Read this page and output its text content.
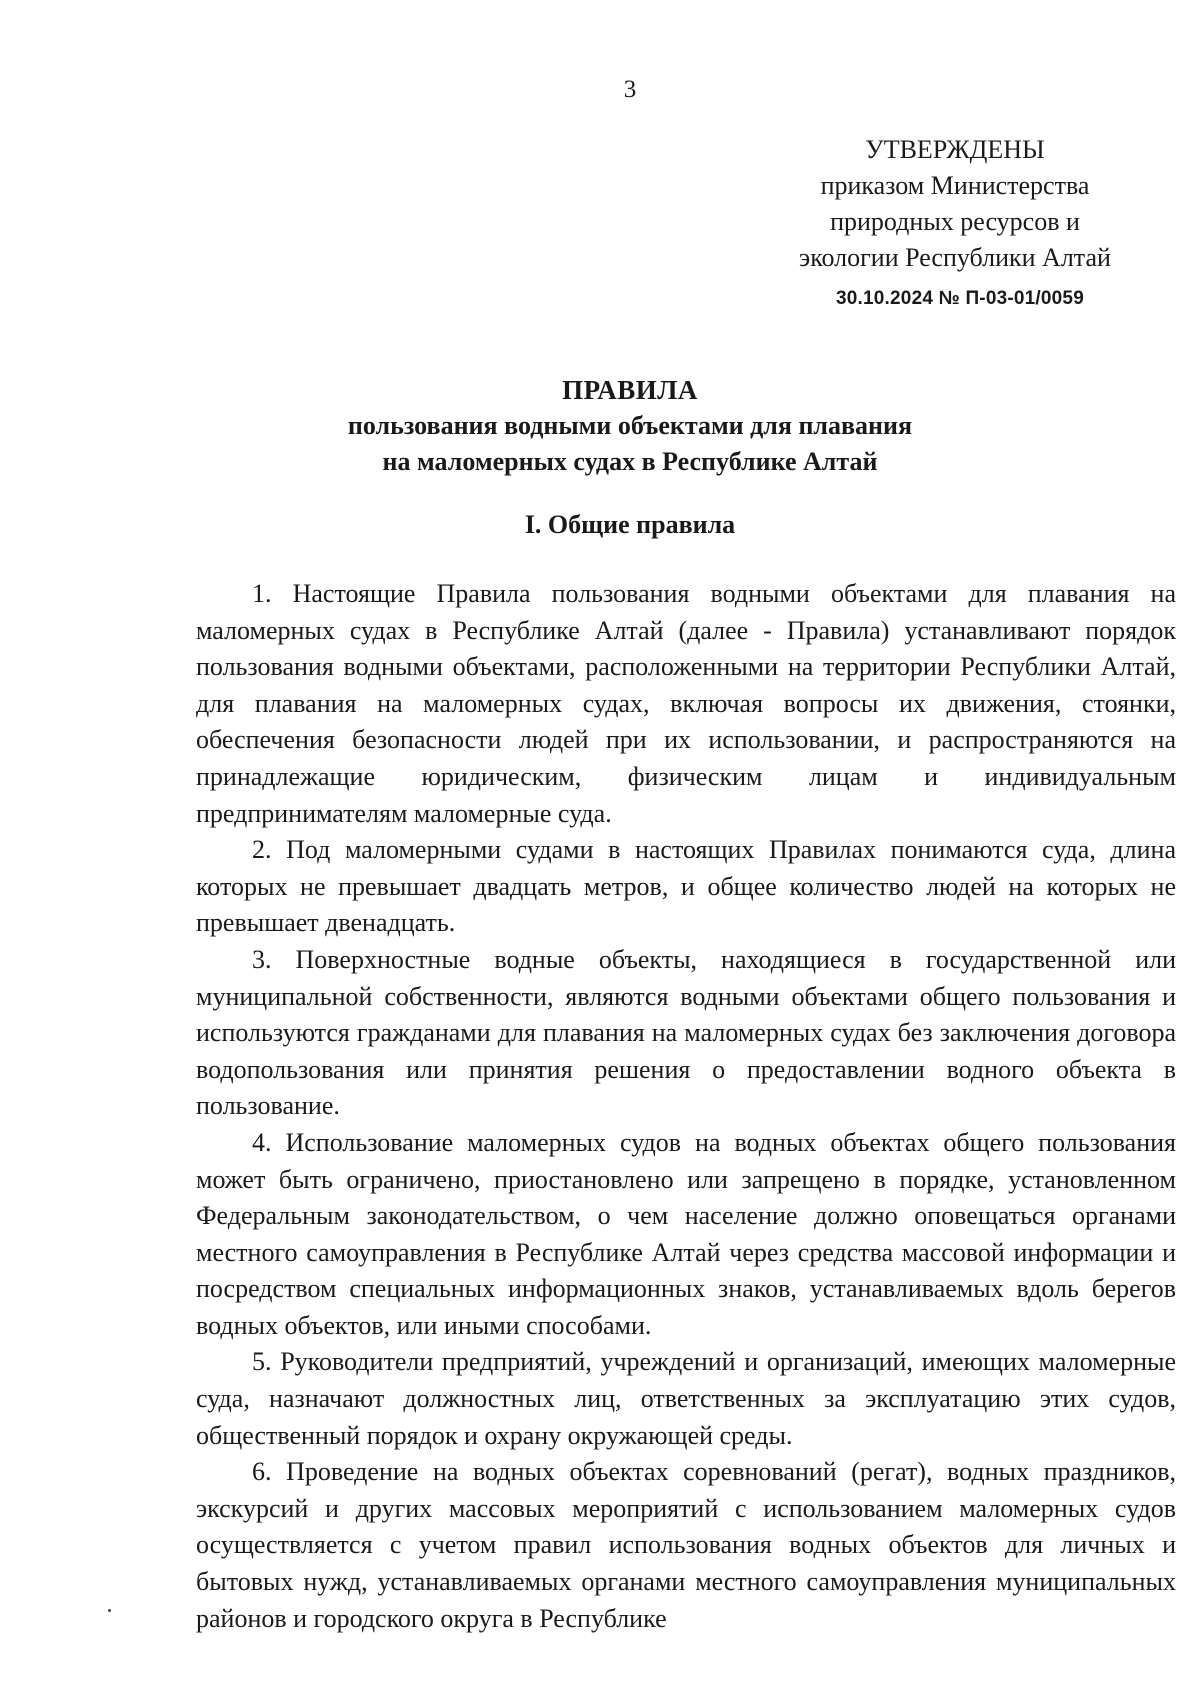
3
УТВЕРЖДЕНЫ
приказом Министерства
природных ресурсов и
экологии Республики Алтай
30.10.2024 № П-03-01/0059
ПРАВИЛА
пользования водными объектами для плавания
на маломерных судах в Республике Алтай
I. Общие правила

1. Настоящие Правила пользования водными объектами для плавания на маломерных судах в Республике Алтай (далее - Правила) устанавливают порядок пользования водными объектами, расположенными на территории Республики Алтай, для плавания на маломерных судах, включая вопросы их движения, стоянки, обеспечения безопасности людей при их использовании, и распространяются на принадлежащие юридическим, физическим лицам и индивидуальным предпринимателям маломерные суда.

2. Под маломерными судами в настоящих Правилах понимаются суда, длина которых не превышает двадцать метров, и общее количество людей на которых не превышает двенадцать.

3. Поверхностные водные объекты, находящиеся в государственной или муниципальной собственности, являются водными объектами общего пользования и используются гражданами для плавания на маломерных судах без заключения договора водопользования или принятия решения о предоставлении водного объекта в пользование.

4. Использование маломерных судов на водных объектах общего пользования может быть ограничено, приостановлено или запрещено в порядке, установленном Федеральным законодательством, о чем население должно оповещаться органами местного самоуправления в Республике Алтай через средства массовой информации и посредством специальных информационных знаков, устанавливаемых вдоль берегов водных объектов, или иными способами.

5. Руководители предприятий, учреждений и организаций, имеющих маломерные суда, назначают должностных лиц, ответственных за эксплуатацию этих судов, общественный порядок и охрану окружающей среды.

6. Проведение на водных объектах соревнований (регат), водных праздников, экскурсий и других массовых мероприятий с использованием маломерных судов осуществляется с учетом правил использования водных объектов для личных и бытовых нужд, устанавливаемых органами местного самоуправления муниципальных районов и городского округа в Республике
